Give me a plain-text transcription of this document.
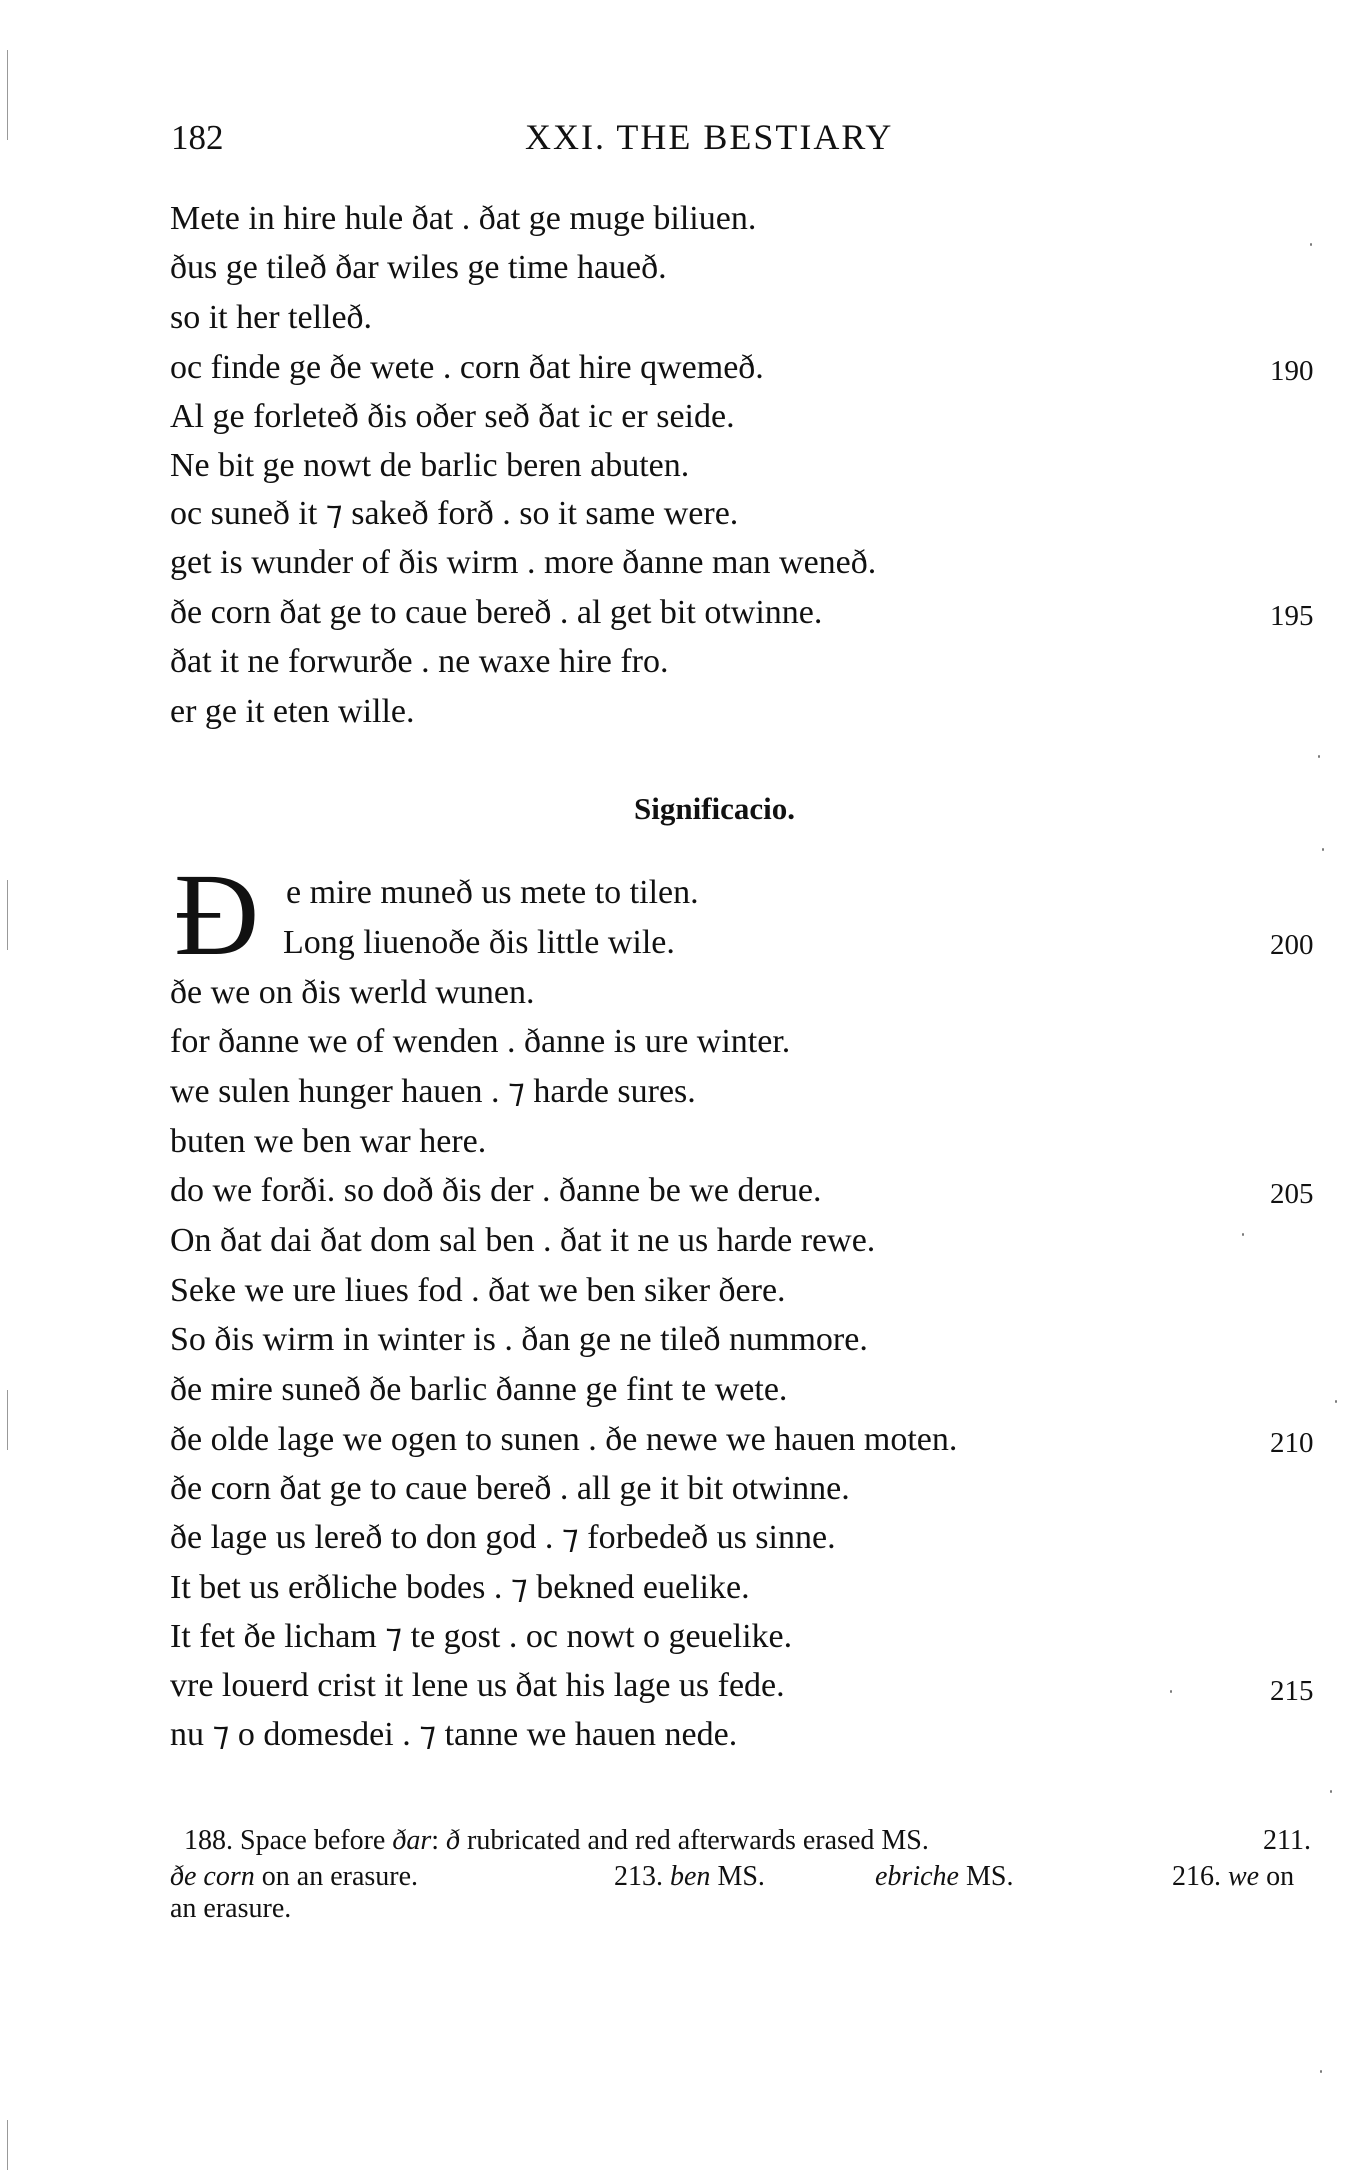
182	XXI. THE BESTIARY
Mete in hire hule ðat . ðat ge muge biliuen.
ðus ge tileð ðar wiles ge time haueð.
so it her telleð.
oc finde ge ðe wete . corn ðat hire qwemeð.
Al ge forleteð ðis oðer seð ðat ic er seide.
Ne bit ge nowt de barlic beren abuten.
oc suneð it ⁊ sakeð forð . so it same were.
get is wunder of ðis wirm . more ðanne man weneð.
ðe corn ðat ge to caue bereð . al get bit otwinne.
ðat it ne forwurðe . ne waxe hire fro.
er ge it eten wille.
190
195
Significacio.
Ð e mire muneð us mete to tilen.
Long liuenoðe ðis little wile.
ðe we on ðis werld wunen.
for ðanne we of wenden . ðanne is ure winter.
we sulen hunger hauen . ⁊ harde sures.
buten we ben war here.
do we forði. so doð ðis der . ðanne be we derue.
On ðat dai ðat dom sal ben . ðat it ne us harde rewe.
Seke we ure liues fod . ðat we ben siker ðere.
So ðis wirm in winter is . ðan ge ne tileð nummore.
ðe mire suneð ðe barlic ðanne ge fint te wete.
ðe olde lage we ogen to sunen . ðe newe we hauen moten.
ðe corn ðat ge to caue bereð . all ge it bit otwinne.
ðe lage us lereð to don god . ⁊ forbedeð us sinne.
It bet us erðliche bodes . ⁊ bekned euelike.
It fet ðe licham ⁊ te gost . oc nowt o geuelike.
vre louerd crist it lene us ðat his lage us fede.
nu ⁊ o domesdei . ⁊ tanne we hauen nede.
200
205
210
215
188. Space before ðar: ð rubricated and red afterwards erased MS.	211.
ðe corn on an erasure.	213. ben MS.	ebriche MS.	216. we on
an erasure.
